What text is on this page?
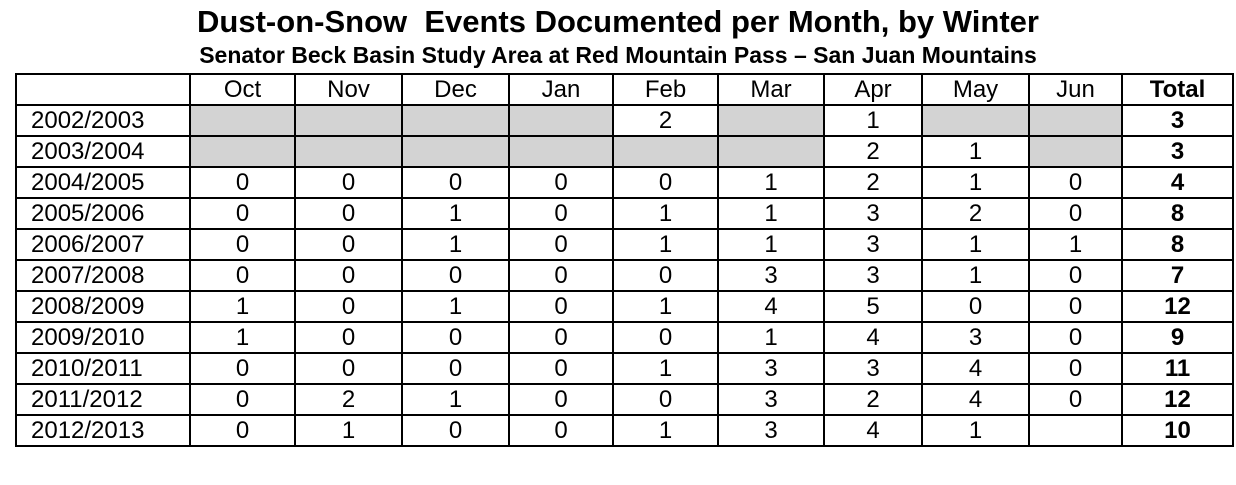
Dust-on-Snow  Events Documented per Month, by Winter
Senator Beck Basin Study Area at Red Mountain Pass – San Juan Mountains
	Oct	Nov	Dec	Jan	Feb	Mar	Apr	May	Jun	Total
2002/2003					2		1			3
2003/2004							2	1		3
2004/2005	0	0	0	0	0	1	2	1	0	4
2005/2006	0	0	1	0	1	1	3	2	0	8
2006/2007	0	0	1	0	1	1	3	1	1	8
2007/2008	0	0	0	0	0	3	3	1	0	7
2008/2009	1	0	1	0	1	4	5	0	0	12
2009/2010	1	0	0	0	0	1	4	3	0	9
2010/2011	0	0	0	0	1	3	3	4	0	11
2011/2012	0	2	1	0	0	3	2	4	0	12
2012/2013	0	1	0	0	1	3	4	1		10
